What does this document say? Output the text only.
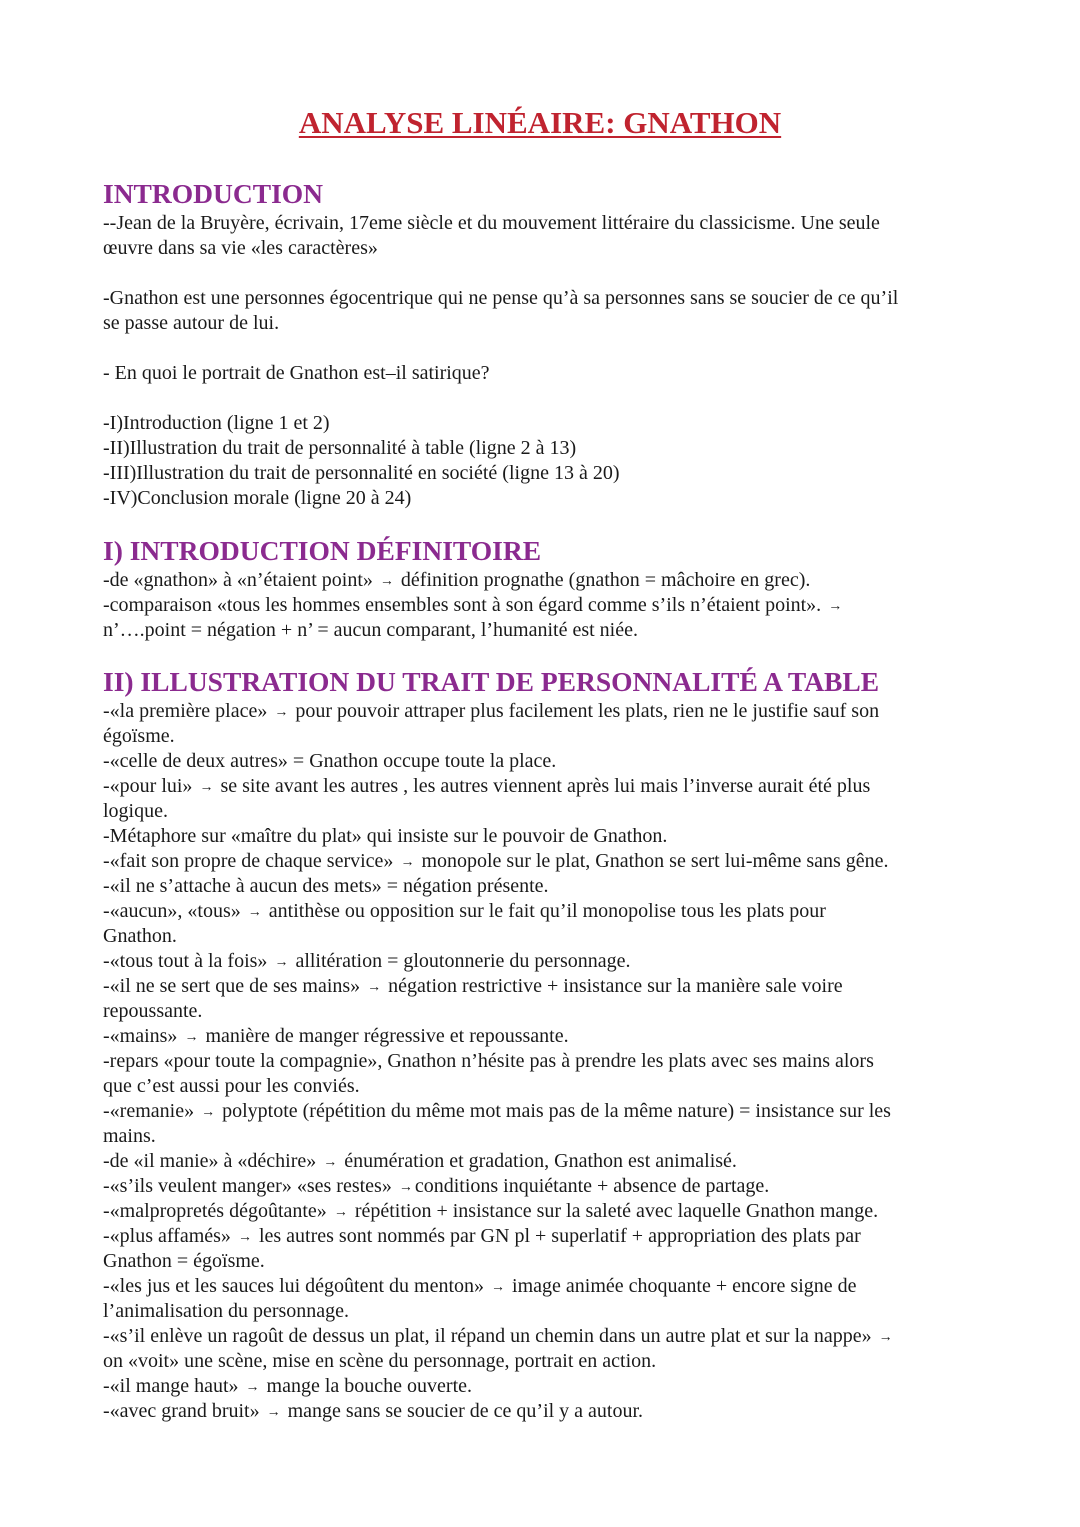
ANALYSE LINÉAIRE: GNATHON
INTRODUCTION

--Jean de la Bruyère, écrivain, 17eme siècle et du mouvement littéraire du classicisme. Une seule

œuvre dans sa vie «les caractères»

-Gnathon est une personnes égocentrique qui ne pense qu’à sa personnes sans se soucier de ce qu’il

se passe autour de lui.

- En quoi le portrait de Gnathon est–il satirique?

-I)Introduction (ligne 1 et 2)

-II)Illustration du trait de personnalité à table (ligne 2 à 13)

-III)Illustration du trait de personnalité en société (ligne 13 à 20)

-IV)Conclusion morale (ligne 20 à 24)

I) INTRODUCTION DÉFINITOIRE

-de «gnathon» à «n’étaient point» → définition prognathe (gnathon = mâchoire en grec).

-comparaison «tous les hommes ensembles sont à son égard comme s’ils n’étaient point». →

n’….point = négation + n’ = aucun comparant, l’humanité est niée.

II) ILLUSTRATION DU TRAIT DE PERSONNALITÉ A TABLE

-«la première place» → pour pouvoir attraper plus facilement les plats, rien ne le justifie sauf son

égoïsme.

-«celle de deux autres» = Gnathon occupe toute la place.

-«pour lui» → se site avant les autres , les autres viennent après lui mais l’inverse aurait été plus

logique.

-Métaphore sur «maître du plat» qui insiste sur le pouvoir de Gnathon.

-«fait son propre de chaque service» → monopole sur le plat, Gnathon se sert lui-même sans gêne.

-«il ne s’attache à aucun des mets» = négation présente.

-«aucun», «tous» → antithèse ou opposition sur le fait qu’il monopolise tous les plats pour

Gnathon.

-«tous tout à la fois» → allitération = gloutonnerie du personnage.

-«il ne se sert que de ses mains» → négation restrictive + insistance sur la manière sale voire

repoussante.

-«mains» → manière de manger régressive et repoussante.

-repars «pour toute la compagnie», Gnathon n’hésite pas à prendre les plats avec ses mains alors

que c’est aussi pour les conviés.

-«remanie» → polyptote (répétition du même mot mais pas de la même nature) = insistance sur les

mains.

-de «il manie» à «déchire» → énumération et gradation, Gnathon est animalisé.

-«s’ils veulent manger» «ses restes» → conditions inquiétante + absence de partage.

-«malpropretés dégoûtante» → répétition + insistance sur la saleté avec laquelle Gnathon mange.

-«plus affamés» → les autres sont nommés par GN pl + superlatif + appropriation des plats par

Gnathon = égoïsme.

-«les jus et les sauces lui dégoûtent du menton» → image animée choquante + encore signe de

l’animalisation du personnage.

-«s’il enlève un ragoût de dessus un plat, il répand un chemin dans un autre plat et sur la nappe» →

on «voit» une scène, mise en scène du personnage, portrait en action.

-«il mange haut» → mange la bouche ouverte.

-«avec grand bruit» → mange sans se soucier de ce qu’il y a autour.
